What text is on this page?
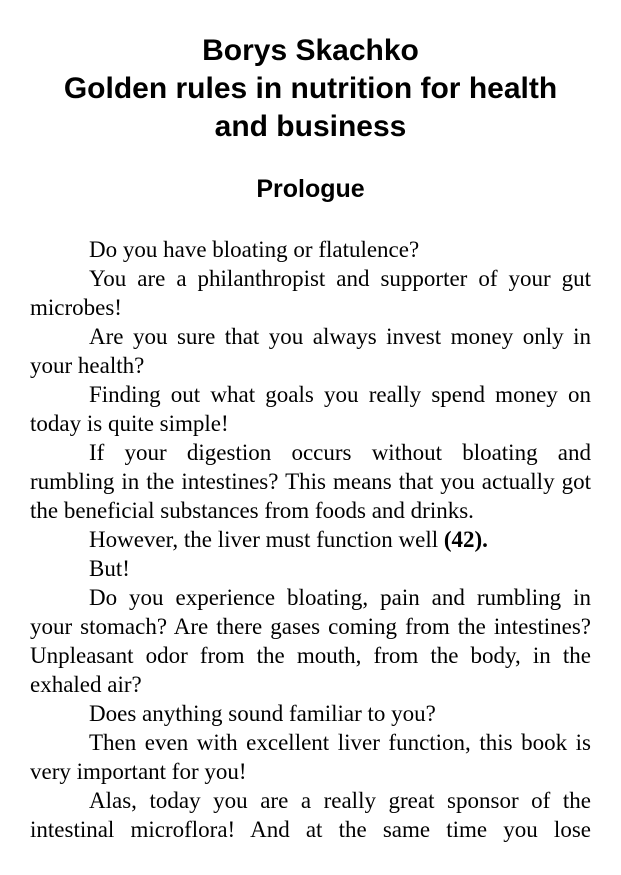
Borys Skachko
Golden rules in nutrition for health
and business
Prologue

Do you have bloating or flatulence?

You are a philanthropist and supporter of your gut microbes!

Are you sure that you always invest money only in your health?

Finding out what goals you really spend money on today is quite simple!

If your digestion occurs without bloating and rumbling in the intestines? This means that you actually got the beneficial substances from foods and drinks.

However, the liver must function well (42).

But!

Do you experience bloating, pain and rumbling in your stomach? Are there gases coming from the intestines? Unpleasant odor from the mouth, from the body, in the exhaled air?

Does anything sound familiar to you?

Then even with excellent liver function, this book is very important for you!

Alas, today you are a really great sponsor of the intestinal microflora! And at the same time you lose
